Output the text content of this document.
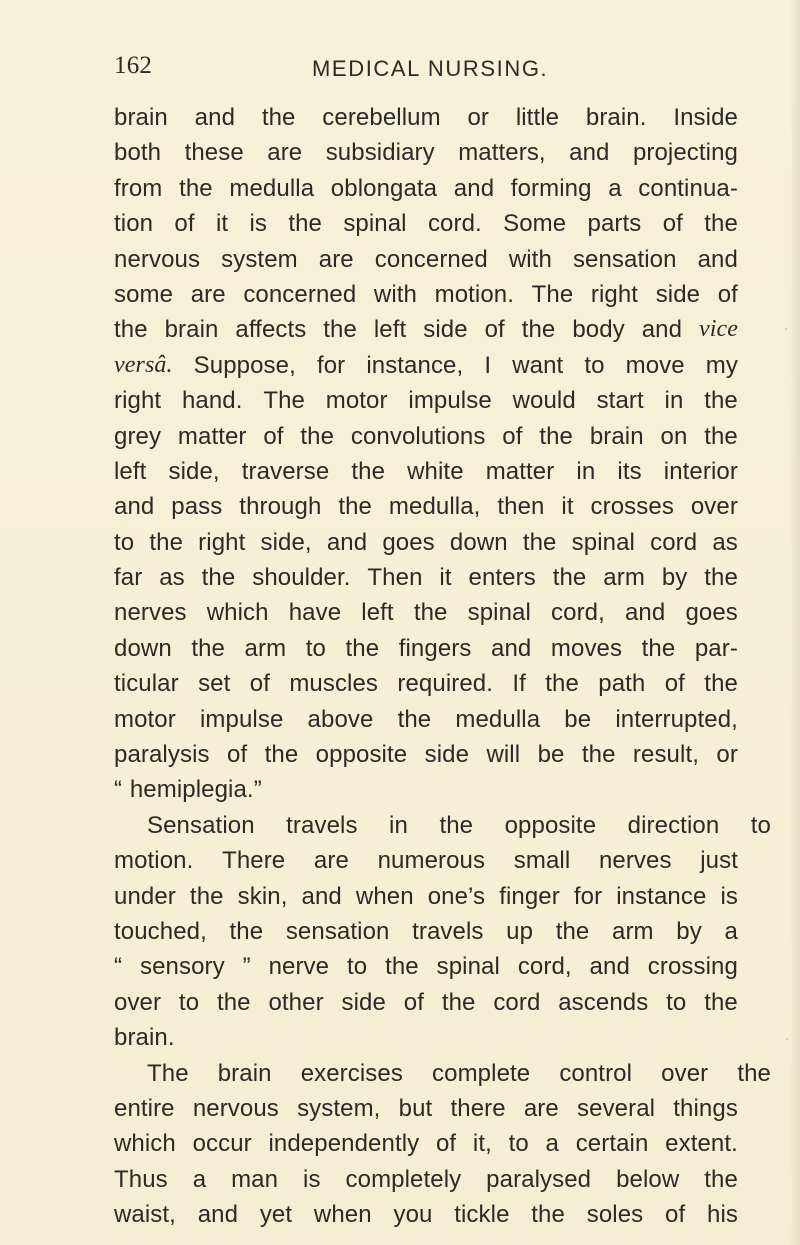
162	MEDICAL NURSING.
brain and the cerebellum or little brain. Inside
both these are subsidiary matters, and projecting
from the medulla oblongata and forming a continua-
tion of it is the spinal cord. Some parts of the
nervous system are concerned with sensation and
some are concerned with motion. The right side of
the brain affects the left side of the body and vice
versâ. Suppose, for instance, I want to move my
right hand. The motor impulse would start in the
grey matter of the convolutions of the brain on the
left side, traverse the white matter in its interior
and pass through the medulla, then it crosses over
to the right side, and goes down the spinal cord as
far as the shoulder. Then it enters the arm by the
nerves which have left the spinal cord, and goes
down the arm to the fingers and moves the par-
ticular set of muscles required. If the path of the
motor impulse above the medulla be interrupted,
paralysis of the opposite side will be the result, or
“ hemiplegia.”
Sensation travels in the opposite direction to
motion. There are numerous small nerves just
under the skin, and when one’s finger for instance is
touched, the sensation travels up the arm by a
“ sensory ” nerve to the spinal cord, and crossing
over to the other side of the cord ascends to the
brain.
The brain exercises complete control over the
entire nervous system, but there are several things
which occur independently of it, to a certain extent.
Thus a man is completely paralysed below the
waist, and yet when you tickle the soles of his
